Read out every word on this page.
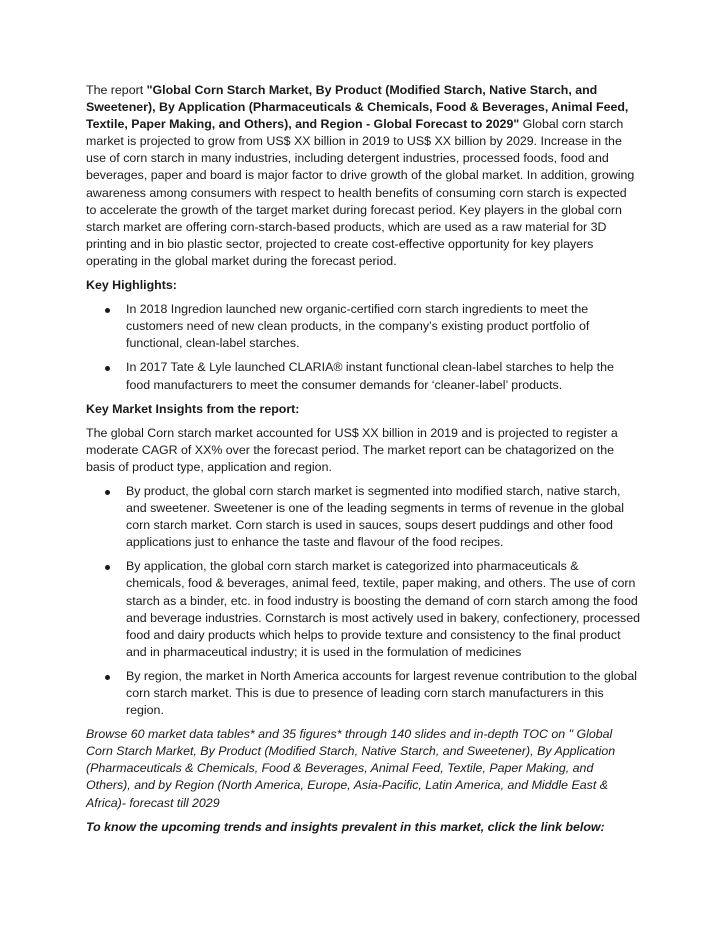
The report "Global Corn Starch Market, By Product (Modified Starch, Native Starch, and Sweetener), By Application (Pharmaceuticals & Chemicals, Food & Beverages, Animal Feed, Textile, Paper Making, and Others), and Region - Global Forecast to 2029" Global corn starch market is projected to grow from US$ XX billion in 2019 to US$ XX billion by 2029. Increase in the use of corn starch in many industries, including detergent industries, processed foods, food and beverages, paper and board is major factor to drive growth of the global market. In addition, growing awareness among consumers with respect to health benefits of consuming corn starch is expected to accelerate the growth of the target market during forecast period. Key players in the global corn starch market are offering corn-starch-based products, which are used as a raw material for 3D printing and in bio plastic sector, projected to create cost-effective opportunity for key players operating in the global market during the forecast period.

Key Highlights:

In 2018 Ingredion launched new organic-certified corn starch ingredients to meet the customers need of new clean products, in the company’s existing product portfolio of functional, clean-label starches.
In 2017 Tate & Lyle launched CLARIA® instant functional clean-label starches to help the food manufacturers to meet the consumer demands for ‘cleaner-label’ products.

Key Market Insights from the report:

The global Corn starch market accounted for US$ XX billion in 2019 and is projected to register a moderate CAGR of XX% over the forecast period. The market report can be chatagorized on the basis of product type, application and region.

By product, the global corn starch market is segmented into modified starch, native starch, and sweetener. Sweetener is one of the leading segments in terms of revenue in the global corn starch market. Corn starch is used in sauces, soups desert puddings and other food applications just to enhance the taste and flavour of the food recipes.
By application, the global corn starch market is categorized into pharmaceuticals & chemicals, food & beverages, animal feed, textile, paper making, and others. The use of corn starch as a binder, etc. in food industry is boosting the demand of corn starch among the food and beverage industries. Cornstarch is most actively used in bakery, confectionery, processed food and dairy products which helps to provide texture and consistency to the final product and in pharmaceutical industry; it is used in the formulation of medicines
By region, the market in North America accounts for largest revenue contribution to the global corn starch market. This is due to presence of leading corn starch manufacturers in this region.

Browse 60 market data tables* and 35 figures* through 140 slides and in-depth TOC on " Global Corn Starch Market, By Product (Modified Starch, Native Starch, and Sweetener), By Application (Pharmaceuticals & Chemicals, Food & Beverages, Animal Feed, Textile, Paper Making, and Others), and by Region (North America, Europe, Asia-Pacific, Latin America, and Middle East & Africa)- forecast till 2029

To know the upcoming trends and insights prevalent in this market, click the link below:
